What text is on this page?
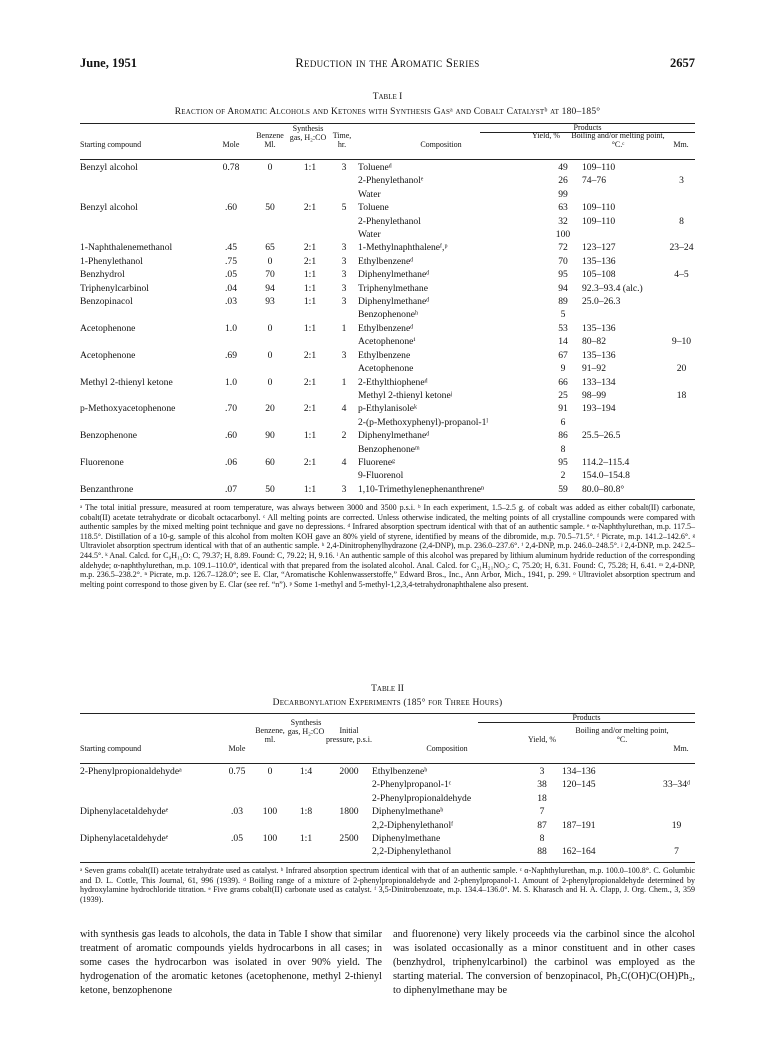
June, 1951	Reduction in the Aromatic Series	2657
Table I
Reaction of Aromatic Alcohols and Ketones with Synthesis Gasᵃ and Cobalt Catalystᵇ at 180–185°
Products
Starting compound	Mole
Benzene Ml.
Synthesis gas, H₂:CO Time, hr.	Composition
Yield, %	Boiling and/or melting point, °C.ᶜ	Mm.
Benzyl alcohol	0.78	0	1:1	3	Tolueneᵈ	49	109–110	
					2-Phenylethanolᵉ	26	74–76	3
					Water	99		
Benzyl alcohol	.60	50	2:1	5	Toluene	63	109–110	
					2-Phenylethanol	32	109–110	8
					Water	100		
1-Naphthalenemethanol	.45	65	2:1	3	1-Methylnaphthaleneᶠ,ᵖ	72	123–127	23–24
1-Phenylethanol	.75	0	2:1	3	Ethylbenzeneᵈ	70	135–136	
Benzhydrol	.05	70	1:1	3	Diphenylmethaneᵈ	95	105–108	4–5
Triphenylcarbinol	.04	94	1:1	3	Triphenylmethane	94	92.3–93.4 (alc.)	
Benzopinacol	.03	93	1:1	3	Diphenylmethaneᵈ	89	25.0–26.3	
					Benzophenoneʰ	5		
Acetophenone	1.0	0	1:1	1	Ethylbenzeneᵈ	53	135–136	
					Acetophenoneⁱ	14	80–82	9–10
Acetophenone	.69	0	2:1	3	Ethylbenzene	67	135–136	
					Acetophenone	9	91–92	20
Methyl 2-thienyl ketone	1.0	0	2:1	1	2-Ethylthiopheneᵈ	66	133–134	
					Methyl 2-thienyl ketoneʲ	25	98–99	18
p-Methoxyacetophenone	.70	20	2:1	4	p-Ethylanisoleᵏ	91	193–194	
					2-(p-Methoxyphenyl)-propanol-1ˡ	6		
Benzophenone	.60	90	1:1	2	Diphenylmethaneᵈ	86	25.5–26.5	
					Benzophenoneᵐ	8		
Fluorenone	.06	60	2:1	4	Fluoreneᵍ	95	114.2–115.4	
					9-Fluorenol	2	154.0–154.8	
Benzanthrone	.07	50	1:1	3	1,10-Trimethylenephenanthreneⁿ	59	80.0–80.8°	
ᵃ The total initial pressure, measured at room temperature, was always between 3000 and 3500 p.s.i. ᵇ In each experiment, 1.5–2.5 g. of cobalt was added as either cobalt(II) carbonate, cobalt(II) acetate tetrahydrate or dicobalt octacarbonyl. ᶜ All melting points are corrected. Unless otherwise indicated, the melting points of all crystalline compounds were compared with authentic samples by the mixed melting point technique and gave no depressions. ᵈ Infrared absorption spectrum identical with that of an authentic sample. ᵉ α-Naphthylurethan, m.p. 117.5–118.5°. Distillation of a 10-g. sample of this alcohol from molten KOH gave an 80% yield of styrene, identified by means of the dibromide, m.p. 70.5–71.5°. ᶠ Picrate, m.p. 141.2–142.6°. ᵍ Ultraviolet absorption spectrum identical with that of an authentic sample. ʰ 2,4-Dinitrophenylhydrazone (2,4-DNP), m.p. 236.0–237.6°. ⁱ 2,4-DNP, m.p. 246.0–248.5°. ʲ 2,4-DNP, m.p. 242.5–244.5°. ᵏ Anal. Calcd. for C₉H₁₂O: C, 79.37; H, 8.89. Found: C, 79.22; H, 9.16. ˡ An authentic sample of this alcohol was prepared by lithium aluminum hydride reduction of the corresponding aldehyde; α-naphthylurethan, m.p. 109.1–110.0°, identical with that prepared from the isolated alcohol. Anal. Calcd. for C₂₁H₂₁NO₃: C, 75.20; H, 6.31. Found: C, 75.28; H, 6.41. ᵐ 2,4-DNP, m.p. 236.5–238.2°. ⁿ Picrate, m.p. 126.7–128.0°; see E. Clar, “Aromatische Kohlenwasserstoffe,” Edward Bros., Inc., Ann Arbor, Mich., 1941, p. 299. ᵒ Ultraviolet absorption spectrum and melting point correspond to those given by E. Clar (see ref. “n”). ᵖ Some 1-methyl and 5-methyl-1,2,3,4-tetrahydronaphthalene also present.
Table II
Decarbonylation Experiments (185° for Three Hours)
Products
Starting compound	Mole
Benzene, ml.
Synthesis gas, H₂:CO	Initial pressure, p.s.i.
Composition
Yield, %
Boiling and/or melting point, °C.
Mm.
2-Phenylpropionaldehydeᵃ	0.75	0	1:4	2000	Ethylbenzeneᵇ	3	134–136	
					2-Phenylpropanol-1ᶜ	38	120–145	33–34ᵈ
					2-Phenylpropionaldehyde	18		
Diphenylacetaldehydeᵉ	.03	100	1:8	1800	Diphenylmethaneᵇ	7		
					2,2-Diphenylethanolᶠ	87	187–191	19
Diphenylacetaldehydeᵉ	.05	100	1:1	2500	Diphenylmethane	8		
					2,2-Diphenylethanol	88	162–164	7
ᵃ Seven grams cobalt(II) acetate tetrahydrate used as catalyst. ᵇ Infrared absorption spectrum identical with that of an authentic sample. ᶜ α-Naphthylurethan, m.p. 100.0–100.8°. C. Golumbic and D. L. Cottle, This Journal, 61, 996 (1939). ᵈ Boiling range of a mixture of 2-phenylpropionaldehyde and 2-phenylpropanol-1. Amount of 2-phenylpropionaldehyde determined by hydroxylamine hydrochloride titration. ᵉ Five grams cobalt(II) carbonate used as catalyst. ᶠ 3,5-Dinitrobenzoate, m.p. 134.4–136.0°. M. S. Kharasch and H. A. Clapp, J. Org. Chem., 3, 359 (1939).

with synthesis gas leads to alcohols, the data in Table I show that similar treatment of aromatic compounds yields hydrocarbons in all cases; in some cases the hydrocarbon was isolated in over 90% yield. The hydrogenation of the aromatic ketones (acetophenone, methyl 2-thienyl ketone, benzophenone

and fluorenone) very likely proceeds via the carbinol since the alcohol was isolated occasionally as a minor constituent and in other cases (benzhydrol, triphenylcarbinol) the carbinol was employed as the starting material. The conversion of benzopinacol, Ph₂C(OH)C(OH)Ph₂, to diphenylmethane may be
